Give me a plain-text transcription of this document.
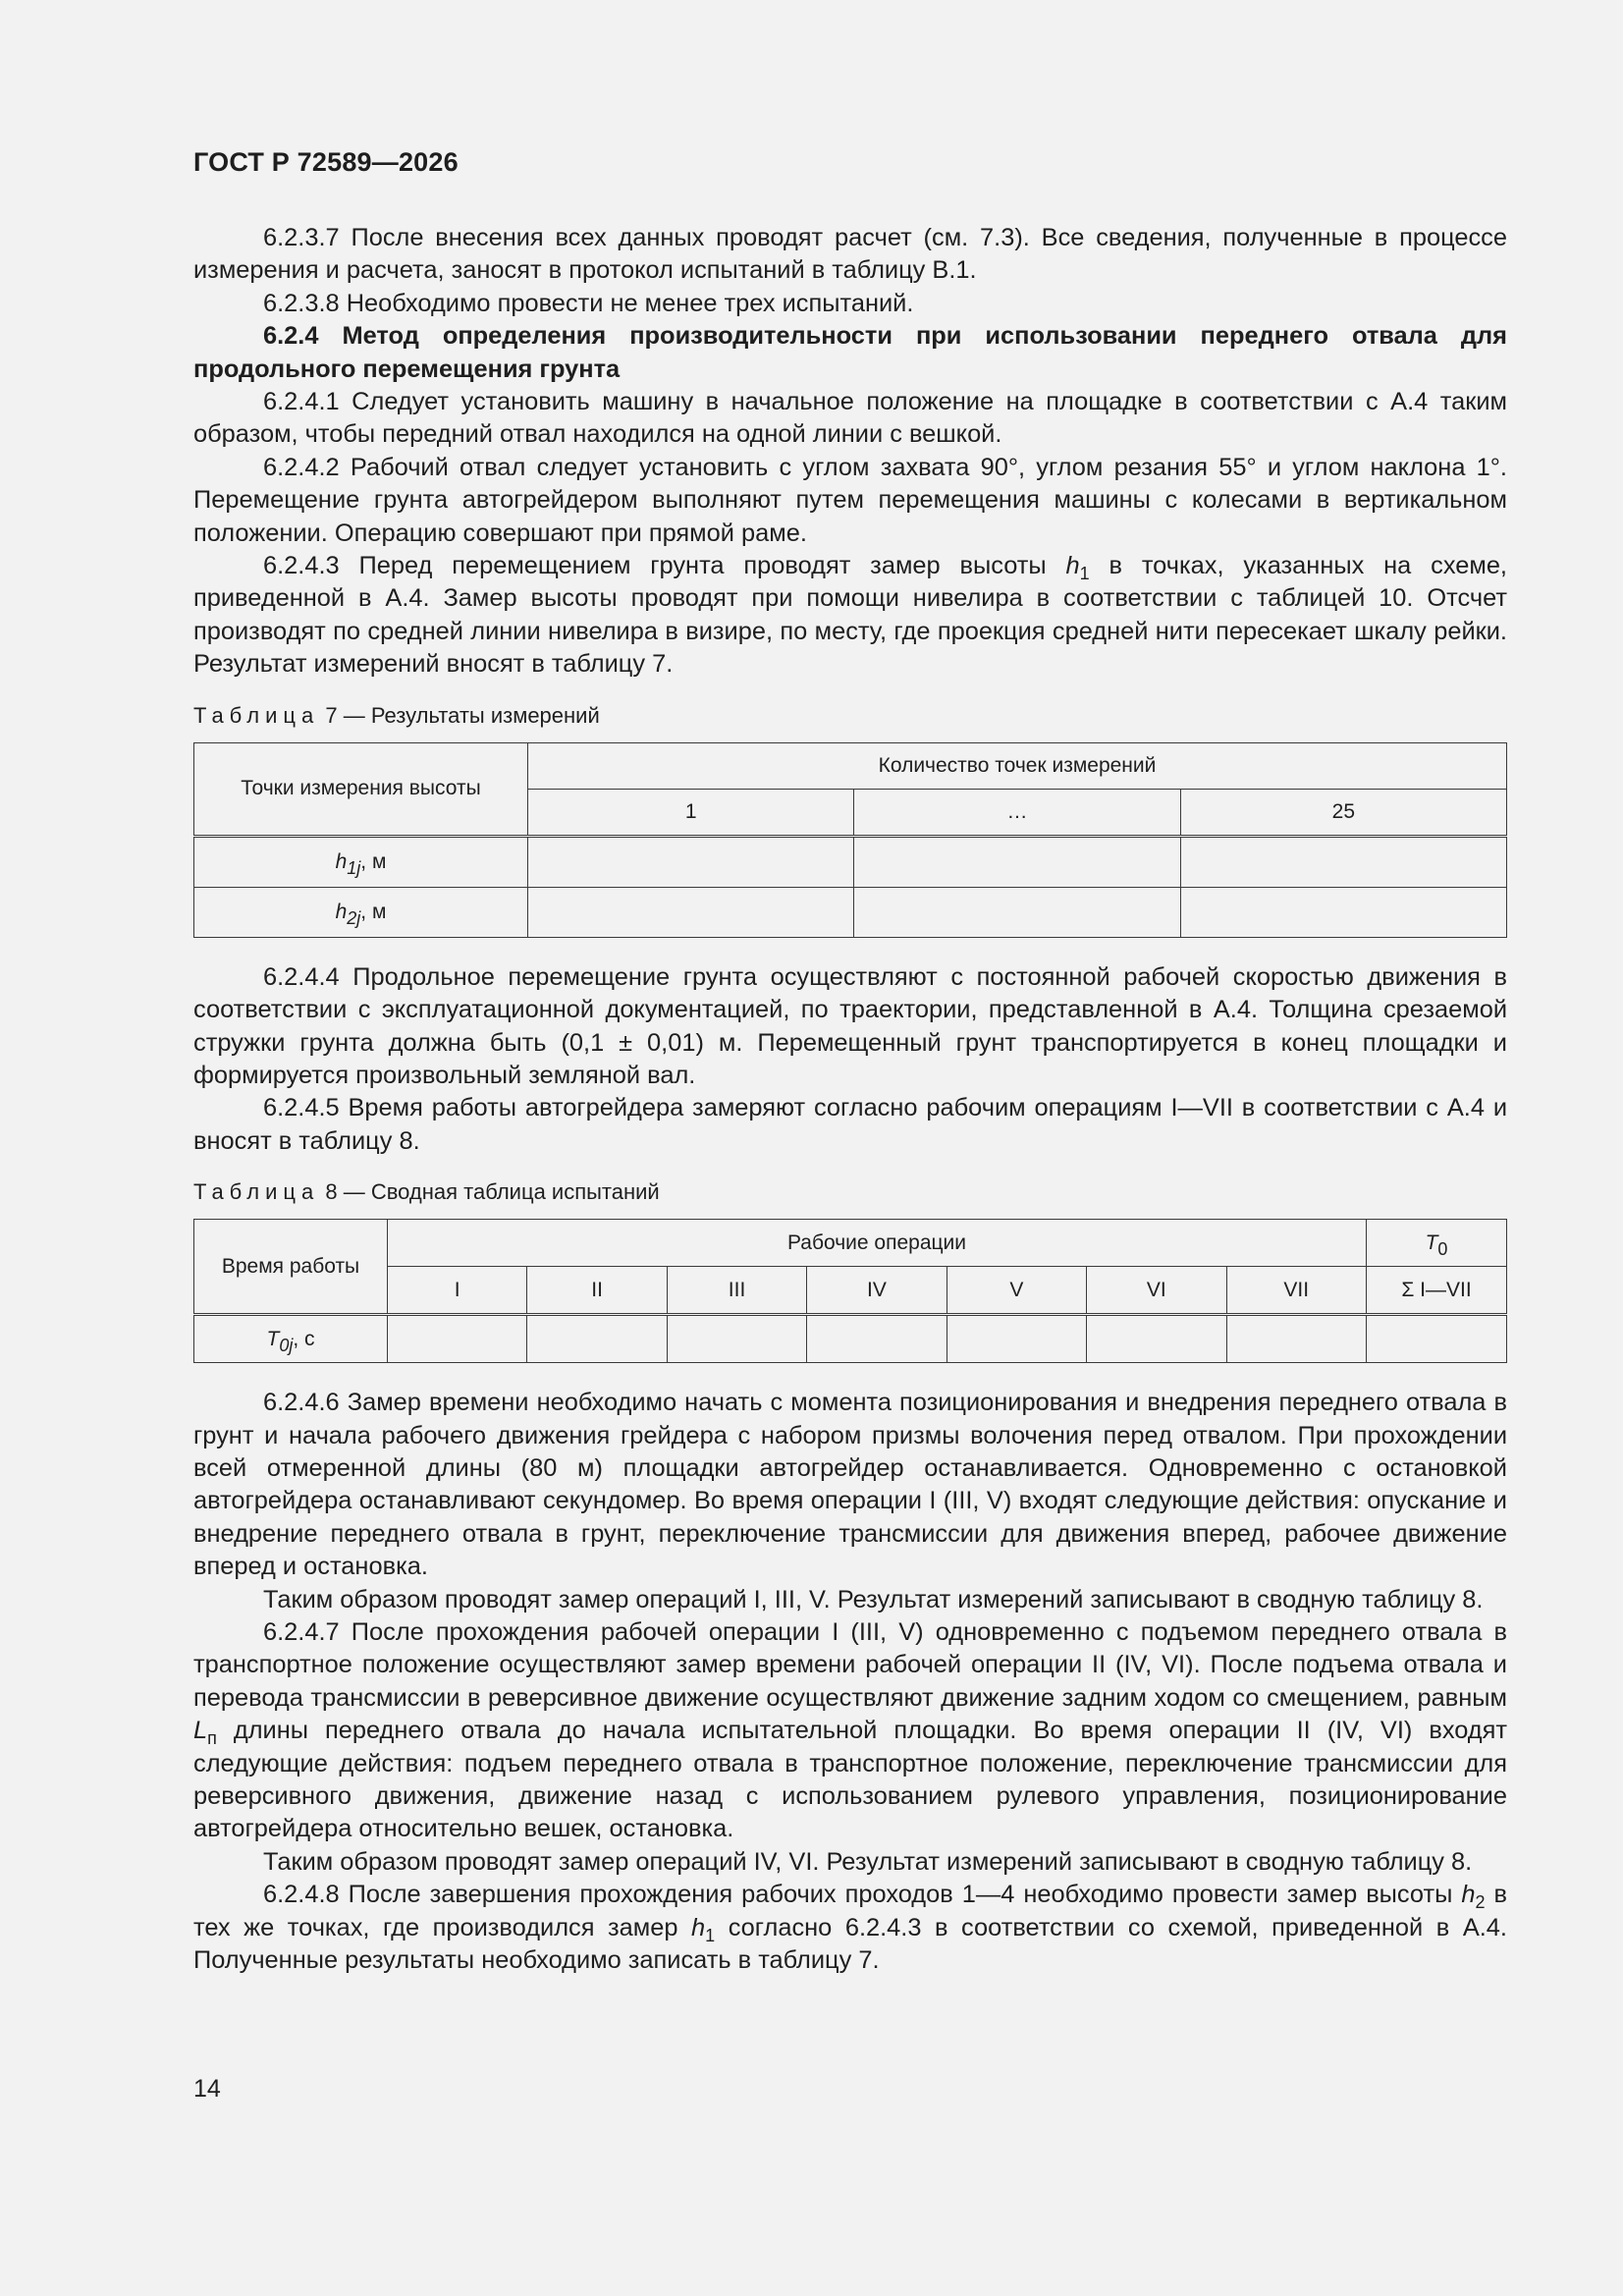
ГОСТ Р 72589—2026

6.2.3.7 После внесения всех данных проводят расчет (см. 7.3). Все сведения, полученные в процессе измерения и расчета, заносят в протокол испытаний в таблицу В.1.

6.2.3.8 Необходимо провести не менее трех испытаний.

6.2.4 Метод определения производительности при использовании переднего отвала для продольного перемещения грунта

6.2.4.1 Следует установить машину в начальное положение на площадке в соответствии с А.4 таким образом, чтобы передний отвал находился на одной линии с вешкой.

6.2.4.2 Рабочий отвал следует установить с углом захвата 90°, углом резания 55° и углом наклона 1°. Перемещение грунта автогрейдером выполняют путем перемещения машины с колесами в вертикальном положении. Операцию совершают при прямой раме.

6.2.4.3 Перед перемещением грунта проводят замер высоты $h_1$ в точках, указанных на схеме, приведенной в А.4. Замер высоты проводят при помощи нивелира в соответствии с таблицей 10. Отсчет производят по средней линии нивелира в визире, по месту, где проекция средней нити пересекает шкалу рейки. Результат измерений вносят в таблицу 7.

Таблица 7 — Результаты измерений

Точки измерения высоты	Количество точек измерений		
	1	…	25
h1j, м			
h2j, м			

6.2.4.4 Продольное перемещение грунта осуществляют с постоянной рабочей скоростью движения в соответствии с эксплуатационной документацией, по траектории, представленной в А.4. Толщина срезаемой стружки грунта должна быть (0,1 ± 0,01) м. Перемещенный грунт транспортируется в конец площадки и формируется произвольный земляной вал.

6.2.4.5 Время работы автогрейдера замеряют согласно рабочим операциям I—VII в соответствии с А.4 и вносят в таблицу 8.

Таблица 8 — Сводная таблица испытаний

Время работы	Рабочие операции							T0
	I	II	III	IV	V	VI	VII	Σ I—VII
T0j, с								

6.2.4.6 Замер времени необходимо начать с момента позиционирования и внедрения переднего отвала в грунт и начала рабочего движения грейдера с набором призмы волочения перед отвалом. При прохождении всей отмеренной длины (80 м) площадки автогрейдер останавливается. Одновременно с остановкой автогрейдера останавливают секундомер. Во время операции I (III, V) входят следующие действия: опускание и внедрение переднего отвала в грунт, переключение трансмиссии для движения вперед, рабочее движение вперед и остановка.

Таким образом проводят замер операций I, III, V. Результат измерений записывают в сводную таблицу 8.

6.2.4.7 После прохождения рабочей операции I (III, V) одновременно с подъемом переднего отвала в транспортное положение осуществляют замер времени рабочей операции II (IV, VI). После подъема отвала и перевода трансмиссии в реверсивное движение осуществляют движение задним ходом со смещением, равным $L_п$ длины переднего отвала до начала испытательной площадки. Во время операции II (IV, VI) входят следующие действия: подъем переднего отвала в транспортное положение, переключение трансмиссии для реверсивного движения, движение назад с использованием рулевого управления, позиционирование автогрейдера относительно вешек, остановка.

Таким образом проводят замер операций IV, VI. Результат измерений записывают в сводную таблицу 8.

6.2.4.8 После завершения прохождения рабочих проходов 1—4 необходимо провести замер высоты $h_2$ в тех же точках, где производился замер $h_1$ согласно 6.2.4.3 в соответствии со схемой, приведенной в А.4. Полученные результаты необходимо записать в таблицу 7.

14
